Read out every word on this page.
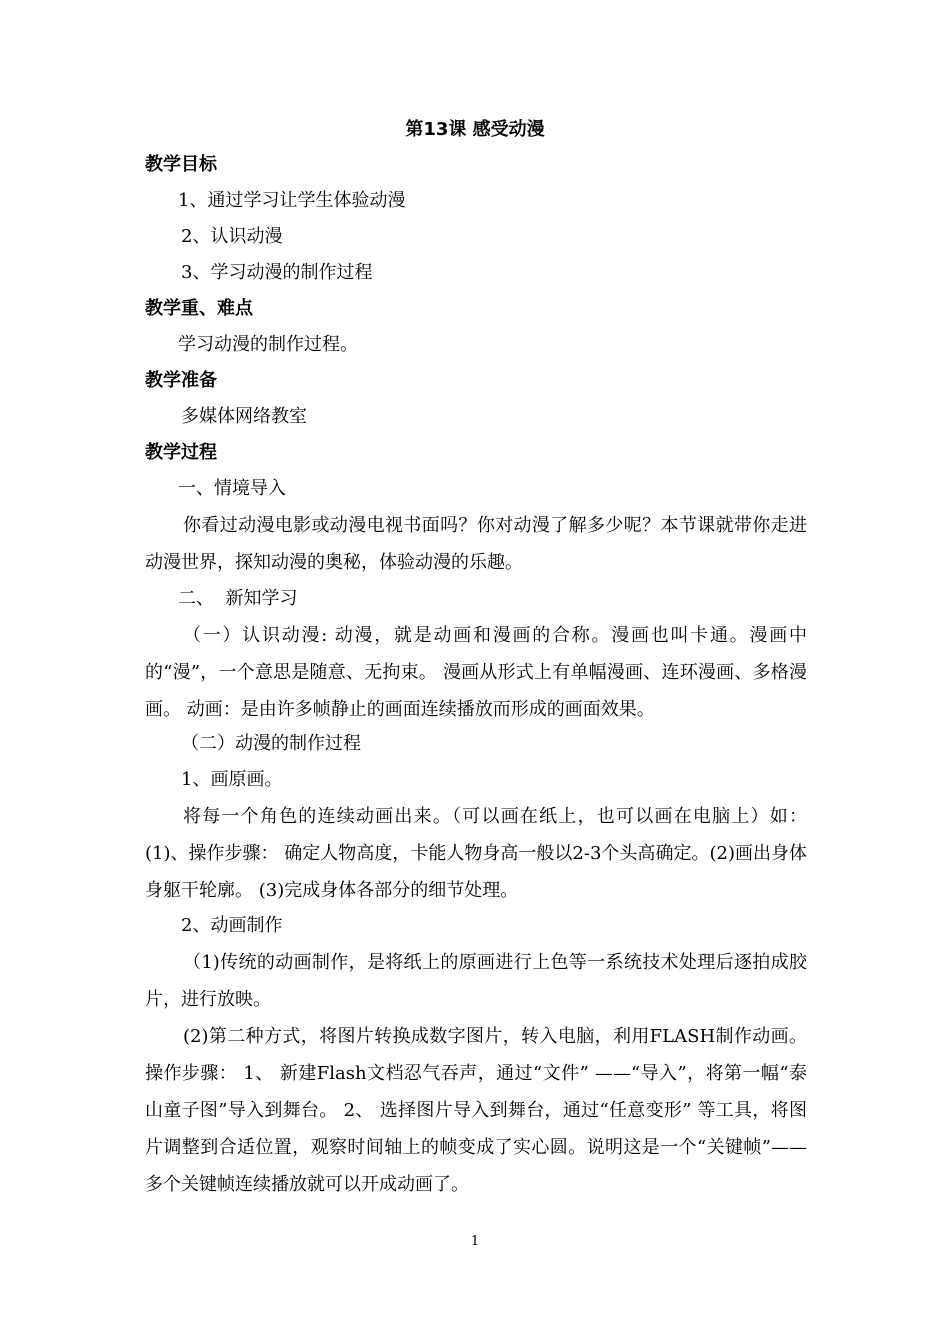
第13课 感受动漫
教学目标
1、通过学习让学生体验动漫
2、认识动漫
3、学习动漫的制作过程
教学重、难点
学习动漫的制作过程。
教学准备
多媒体网络教室
教学过程
一、情境导入
你看过动漫电影或动漫电视书面吗？你对动漫了解多少呢？本节课就带你走进动漫世界，探知动漫的奥秘，体验动漫的乐趣。
二、  新知学习
（一）认识动漫: 动漫，就是动画和漫画的合称。漫画也叫卡通。漫画中的“漫”，一个意思是随意、无拘束。 漫画从形式上有单幅漫画、连环漫画、多格漫画。 动画：是由许多帧静止的画面连续播放而形成的画面效果。
（二）动漫的制作过程
1、画原画。
将每一个角色的连续动画出来。（可以画在纸上，也可以画在电脑上）如：(1)、操作步骤： 确定人物高度，卡能人物身高一般以2-3个头高确定。(2)画出身体身躯干轮廓。 (3)完成身体各部分的细节处理。
2、动画制作
（1)传统的动画制作，是将纸上的原画进行上色等一系统技术处理后逐拍成胶片，进行放映。
(2)第二种方式，将图片转换成数字图片，转入电脑，利用FLASH制作动画。操作步骤： 1、 新建Flash文档忍气吞声，通过“文件” ——“导入”，将第一幅“泰山童子图”导入到舞台。 2、 选择图片导入到舞台，通过“任意变形” 等工具，将图片调整到合适位置，观察时间轴上的帧变成了实心圆。说明这是一个“关键帧”——多个关键帧连续播放就可以开成动画了。
1
